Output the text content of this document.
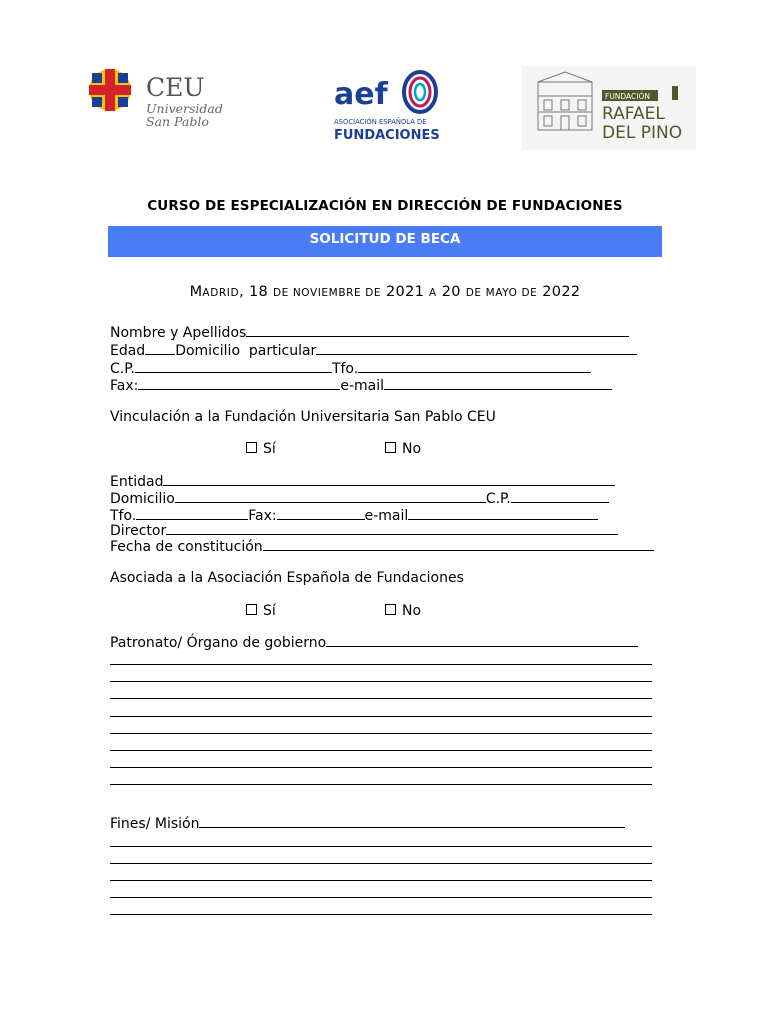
CEU
Universidad
San Pablo
aef
ASOCIACIÓN ESPAÑOLA DE
FUNDACIONES
FUNDACIÓN
RAFAEL
DEL PINO
CURSO DE ESPECIALIZACIÓN EN DIRECCIÓN DE FUNDACIONES
SOLICITUD DE BECA
MADRID, 18 DE NOVIEMBRE DE 2021 A 20 DE MAYO DE 2022
Nombre y Apellidos
Edad Domicilio  particular
C.P.	Tfo.
Fax:	e-mail
Vinculación a la Fundación Universitaria San Pablo CEU
Sí	No
Entidad
Domicilio	C.P.
Tfo.	Fax:	e-mail
Director
Fecha de constitución
Asociada a la Asociación Española de Fundaciones
Sí	No
Patronato/ Órgano de gobierno
Fines/ Misión
